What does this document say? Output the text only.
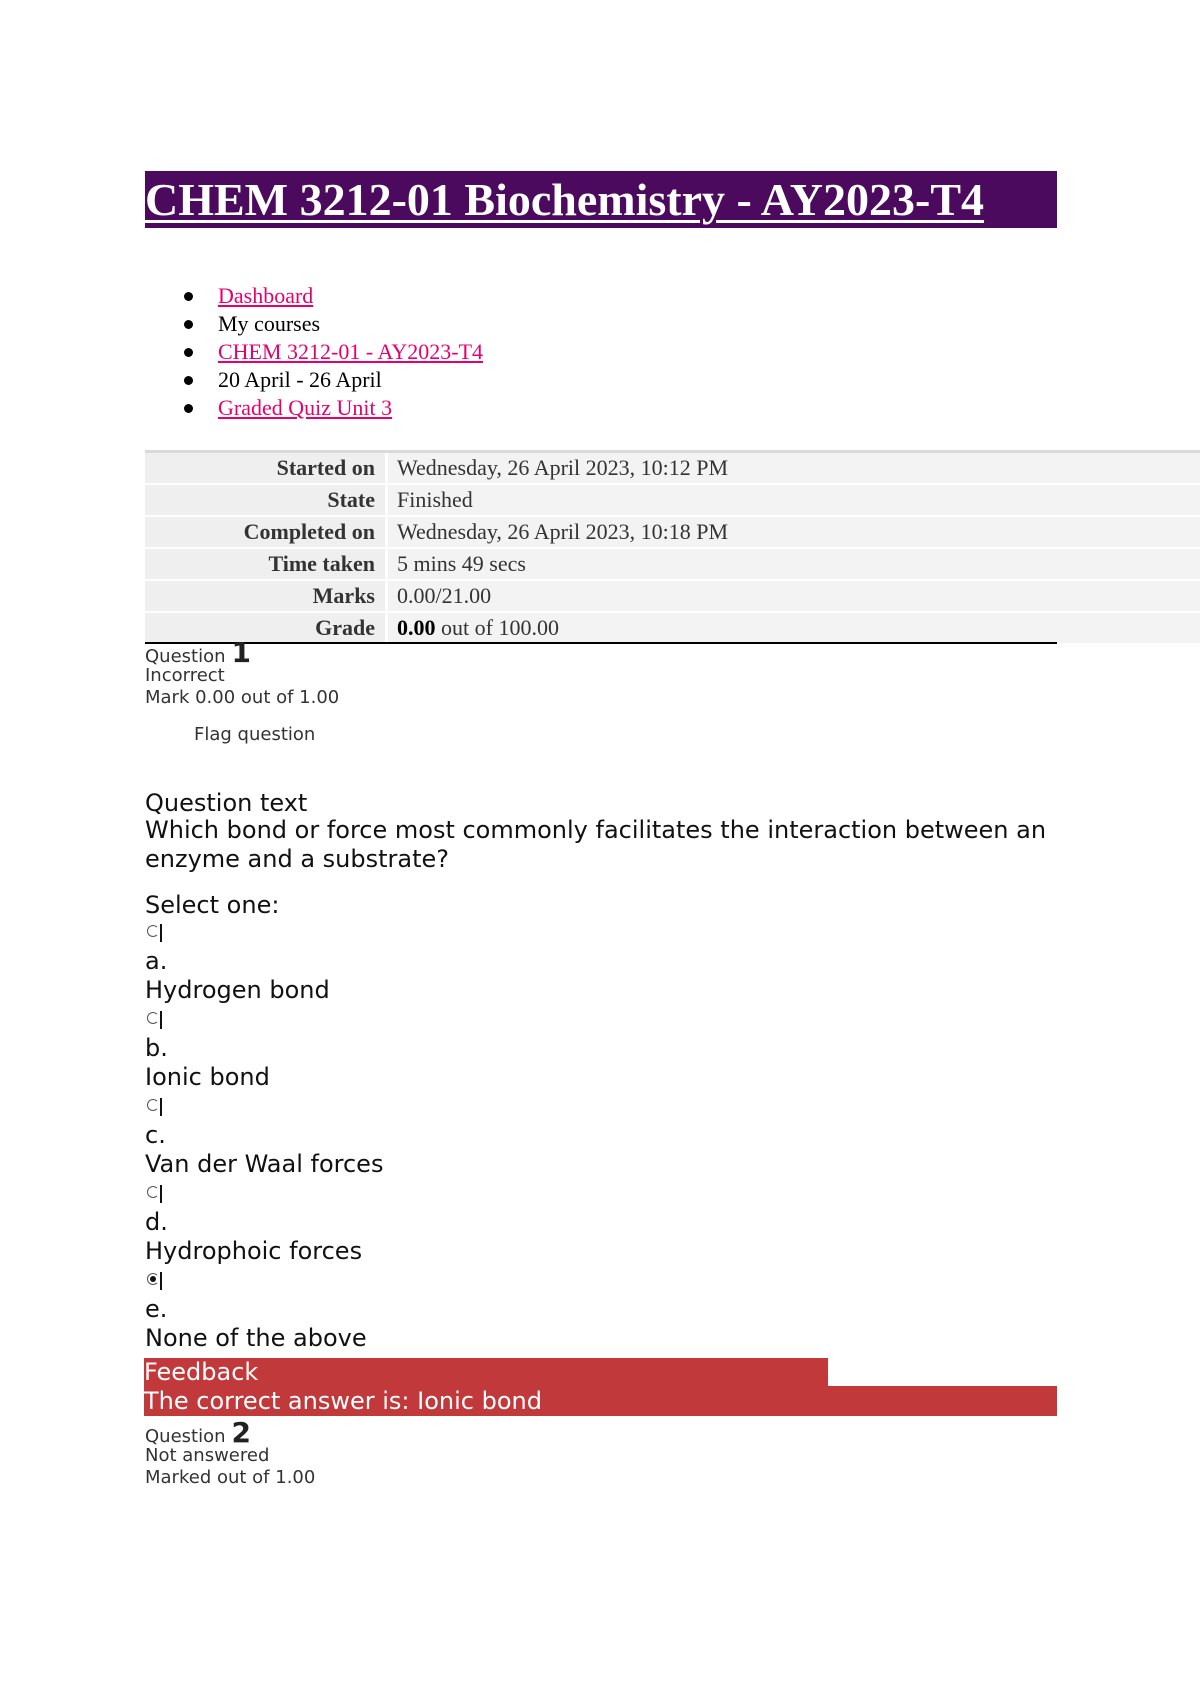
CHEM 3212-01 Biochemistry - AY2023-T4
Dashboard
My courses
CHEM 3212-01 - AY2023-T4
20 April - 26 April
Graded Quiz Unit 3
Started on	Wednesday, 26 April 2023, 10:12 PM
State	Finished
Completed on	Wednesday, 26 April 2023, 10:18 PM
Time taken	5 mins 49 secs
Marks	0.00/21.00
Grade	0.00 out of 100.00
Question 1
Incorrect
Mark 0.00 out of 1.00
Flag question
Question text
Which bond or force most commonly facilitates the interaction between an enzyme and a substrate?
Select one:
a.
Hydrogen bond
b.
Ionic bond
c.
Van der Waal forces
d.
Hydrophoic forces
e.
None of the above
Feedback
The correct answer is: Ionic bond
Question 2
Not answered
Marked out of 1.00
